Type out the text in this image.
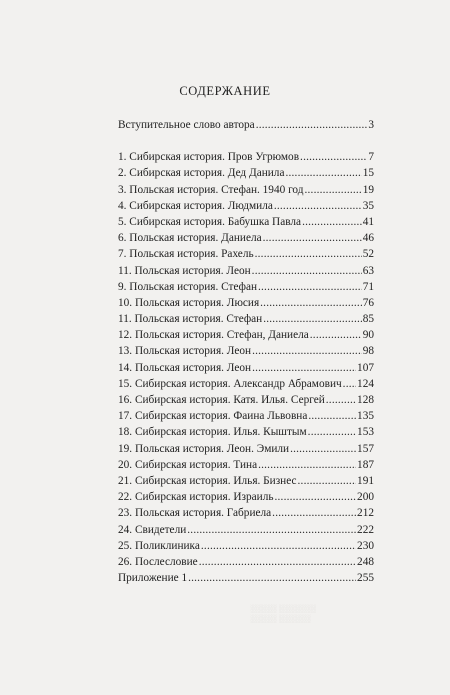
СОДЕРЖАНИЕ
Вступительное слово автора .....	3
1. Сибирская история. Пров Угрюмов .....	7
2. Сибирская история. Дед Данила .....	15
3. Польская история. Стефан. 1940 год .....	19
4. Сибирская история. Людмила .....	35
5. Сибирская история. Бабушка Павла .....	41
6. Польская история. Даниела .....	46
7. Польская история. Рахель .....	52
11. Польская история. Леон .....	63
9. Польская история. Стефан .....	71
10. Польская история. Люсия .....	76
11. Польская история. Стефан .....	85
12. Польская история. Стефан, Даниела .....	90
13. Польская история. Леон .....	98
14. Польская история. Леон .....	107
15. Сибирская история. Александр Абрамович ..... 124
16. Сибирская история. Катя. Илья. Сергей .....	128
17. Сибирская история. Фаина Львовна .....	135
18. Сибирская история. Илья. Кыштым .....	153
19. Польская история. Леон. Эмили .....	157
20. Сибирская история. Тина .....	187
21. Сибирская история. Илья. Бизнес .....	191
22. Сибирская история. Израиль .....	200
23. Польская история. Габриела .....	212
24. Свидетели .....	222
25. Поликлиника .....	230
26. Послесловие .....	248
Приложение 1 .....	255
░░░░░ ░░░░░░░
░░░░░ ░░░░░░
